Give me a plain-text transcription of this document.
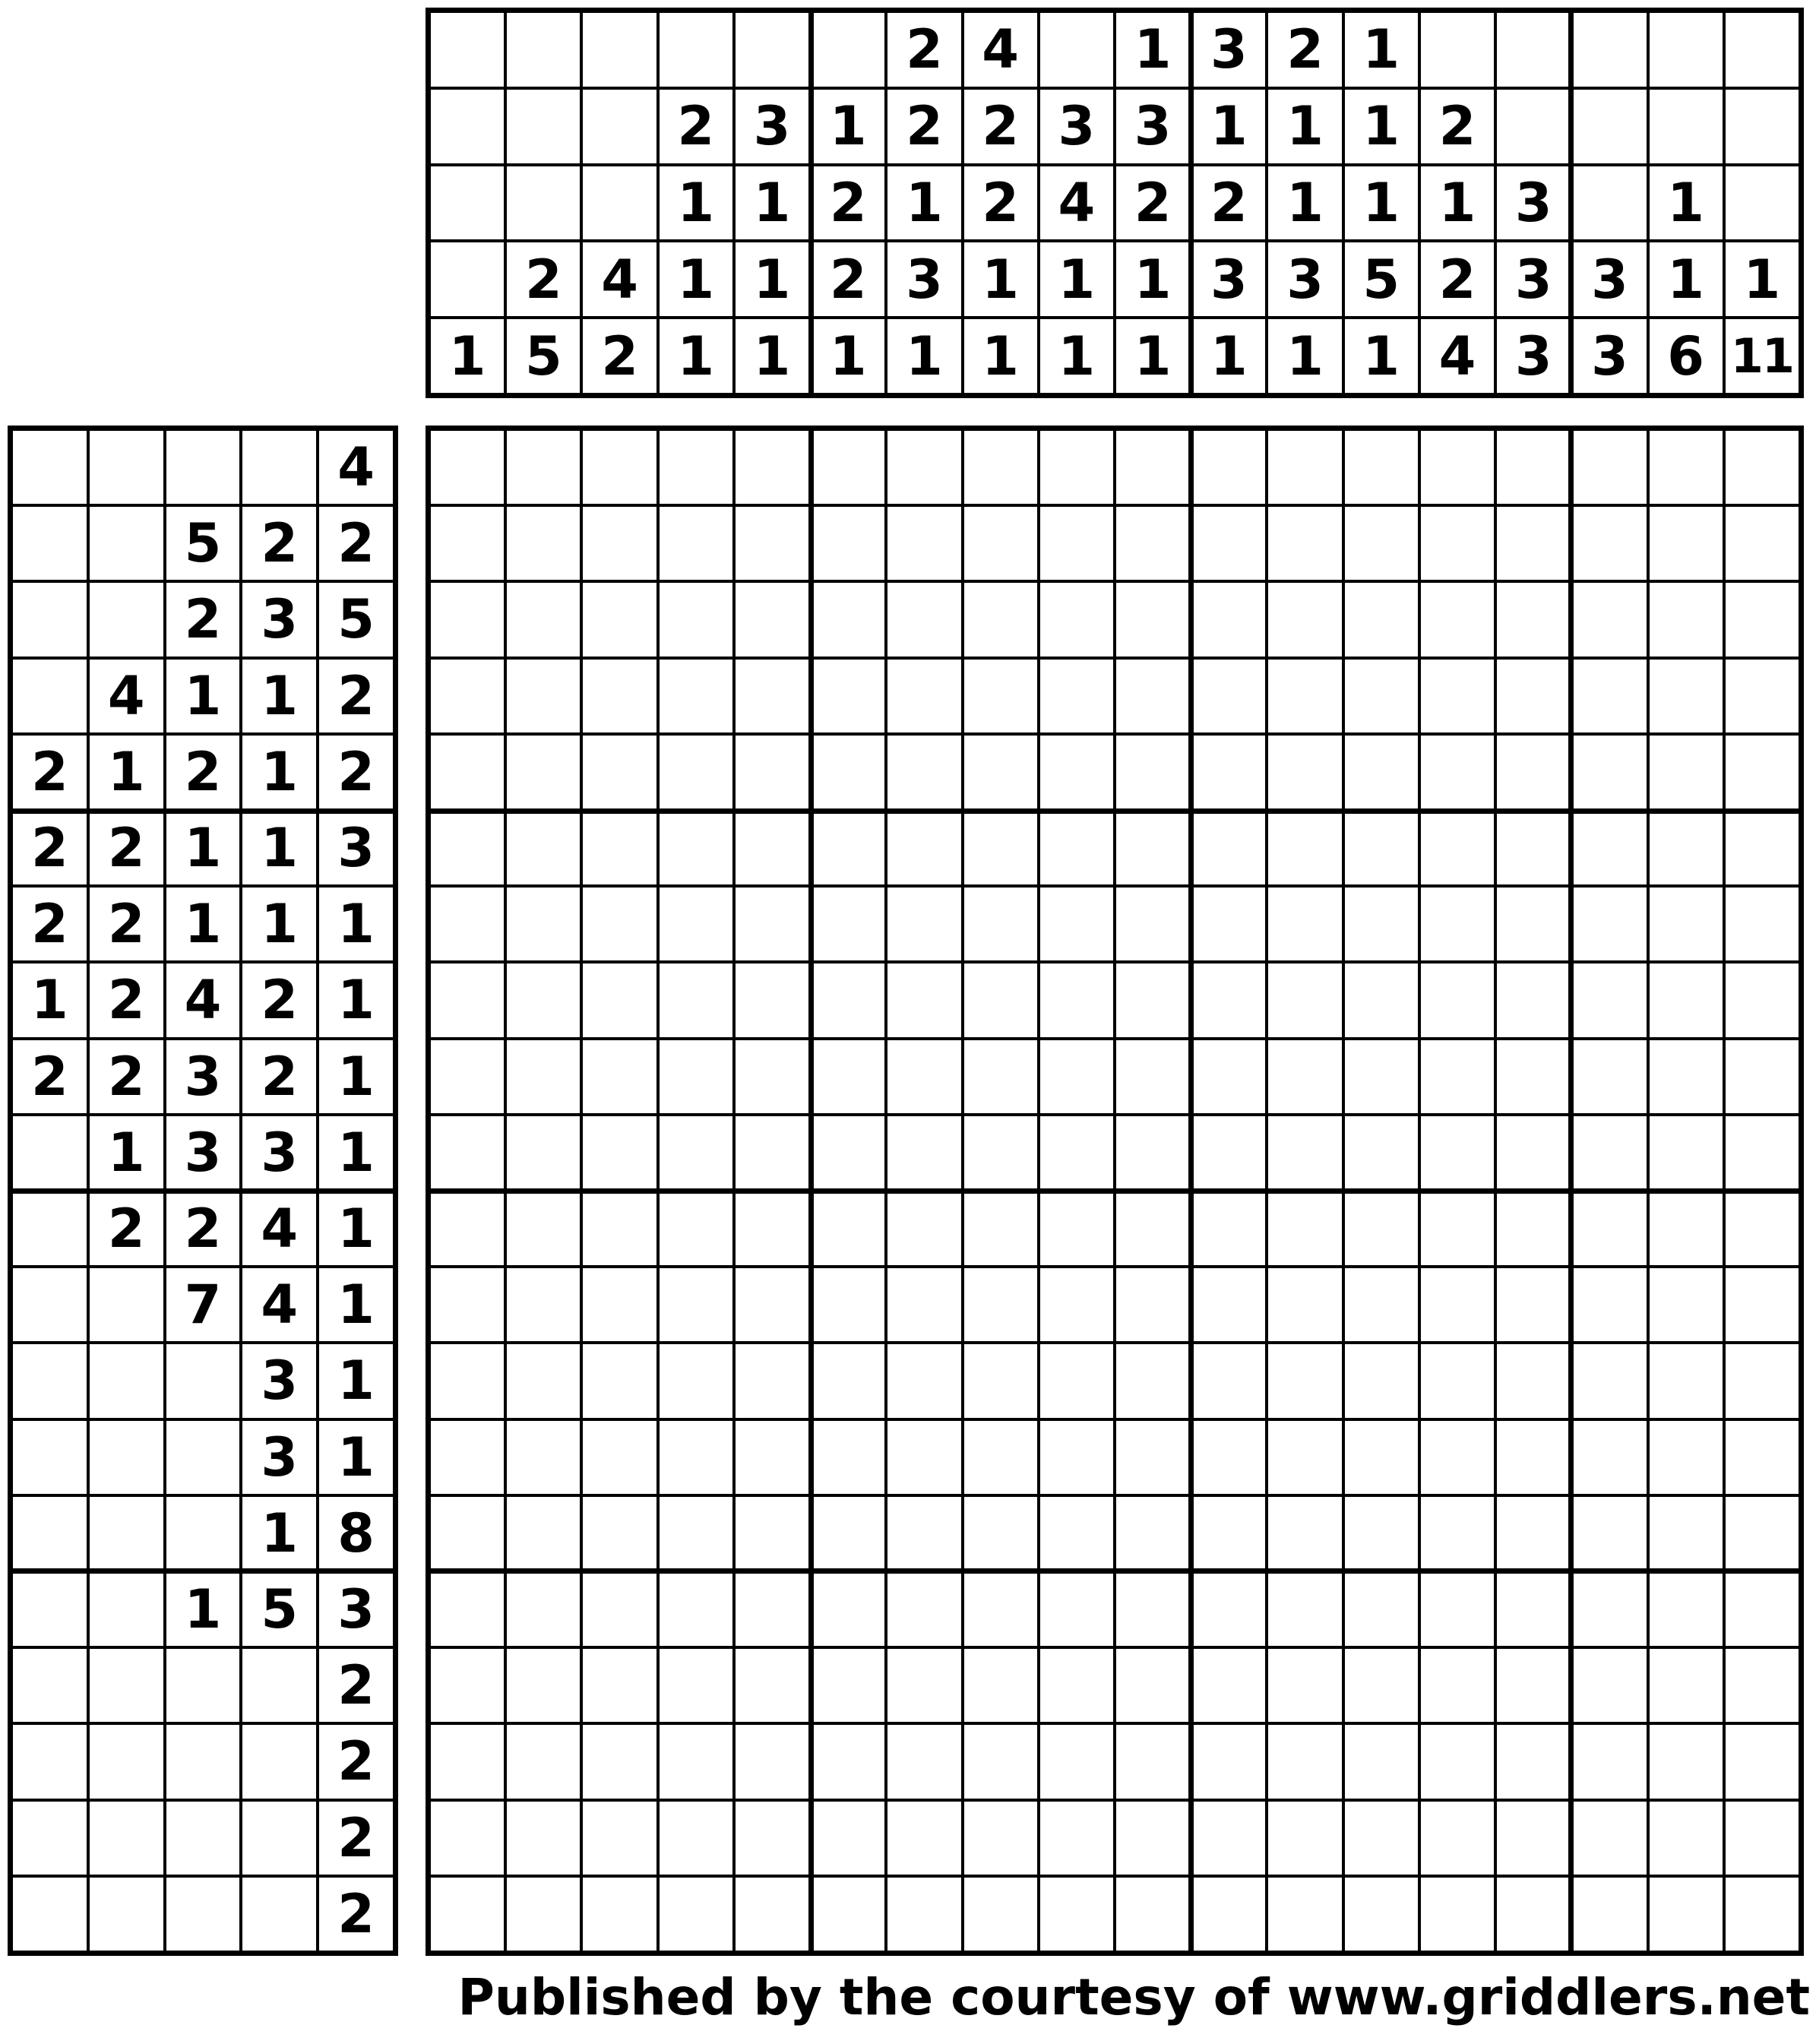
2 4	1 3 2 1
2 3 1 2 2 3 3 1 1 1 2
1 1 2 1 2 4 2 2 1 1 1 3	1
2 4 1 1 2 3 1 1 1 3 3 5 2 3 3 1 1
1 5 2 1 1 1 1 1 1 1 1 1 1 4 3 3 6 11
4
5 2 2
2 3 5
4 1 1 2
2 1 2 1 2
2 2 1 1 3
2 2 1 1 1
1 2 4 2 1
2 2 3 2 1
1 3 3 1
2 2 4 1
7 4 1
3 1
3 1
1 8
1 5 3
2
2
2
2
Published by the courtesy of www.griddlers.net
